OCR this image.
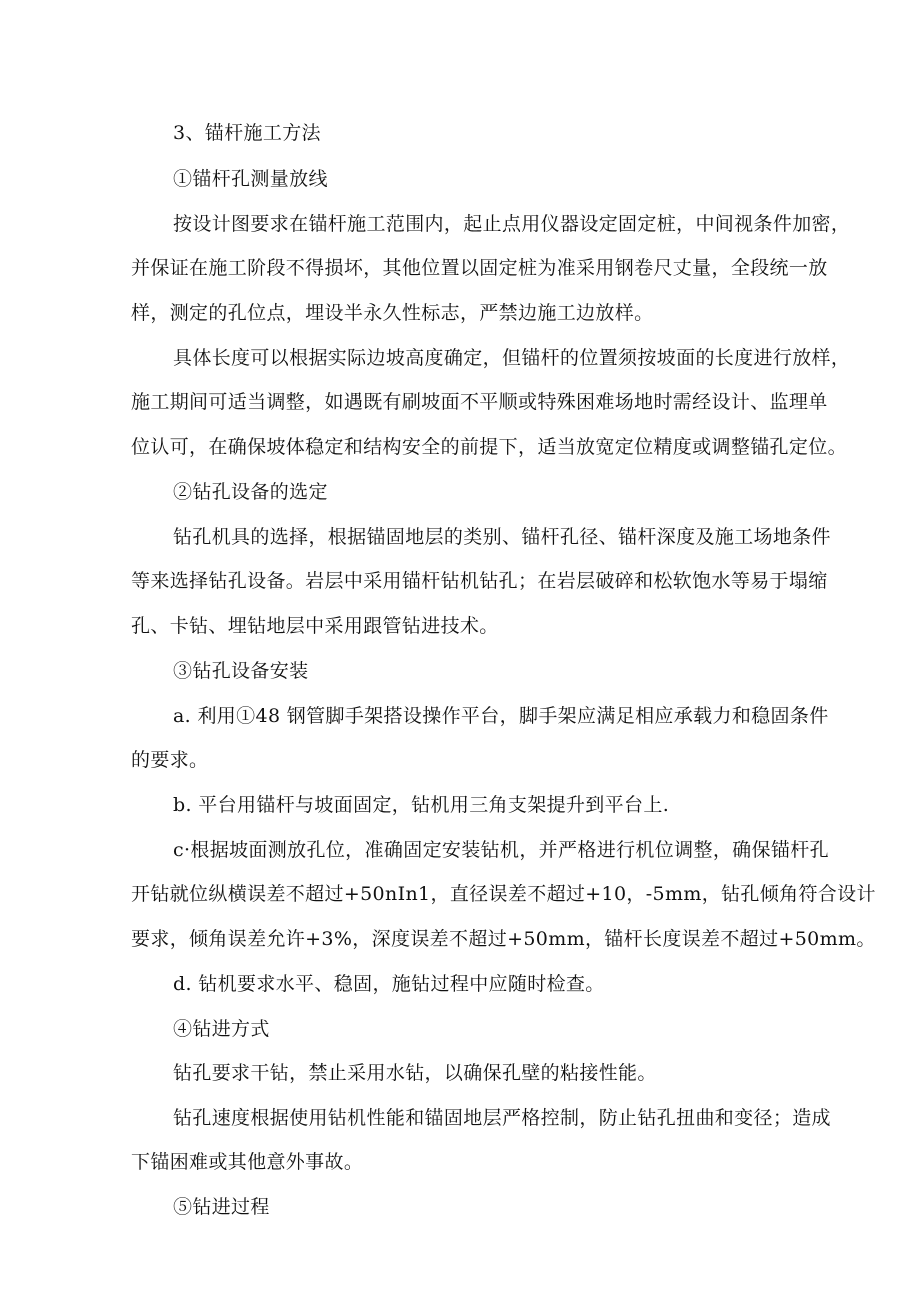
3、锚杆施工方法
①锚杆孔测量放线
按设计图要求在锚杆施工范围内，起止点用仪器设定固定桩，中间视条件加密，
并保证在施工阶段不得损坏，其他位置以固定桩为准采用钢卷尺丈量，全段统一放
样，测定的孔位点，埋设半永久性标志，严禁边施工边放样。
具体长度可以根据实际边坡高度确定，但锚杆的位置须按坡面的长度进行放样，
施工期间可适当调整，如遇既有刷坡面不平顺或特殊困难场地时需经设计、监理单
位认可，在确保坡体稳定和结构安全的前提下，适当放宽定位精度或调整锚孔定位。
②钻孔设备的选定
钻孔机具的选择，根据锚固地层的类别、锚杆孔径、锚杆深度及施工场地条件
等来选择钻孔设备。岩层中采用锚杆钻机钻孔；在岩层破碎和松软饱水等易于塌缩
孔、卡钻、埋钻地层中采用跟管钻进技术。
③钻孔设备安装
a. 利用①48 钢管脚手架搭设操作平台，脚手架应满足相应承载力和稳固条件
的要求。
b. 平台用锚杆与坡面固定，钻机用三角支架提升到平台上.
c·根据坡面测放孔位，准确固定安装钻机，并严格进行机位调整，确保锚杆孔
开钻就位纵横误差不超过+50nIn1，直径误差不超过+10，-5mm，钻孔倾角符合设计
要求，倾角误差允许+3%，深度误差不超过+50mm，锚杆长度误差不超过+50mm。
d. 钻机要求水平、稳固，施钻过程中应随时检查。
④钻进方式
钻孔要求干钻，禁止采用水钻，以确保孔壁的粘接性能。
钻孔速度根据使用钻机性能和锚固地层严格控制，防止钻孔扭曲和变径；造成
下锚困难或其他意外事故。
⑤钻进过程
